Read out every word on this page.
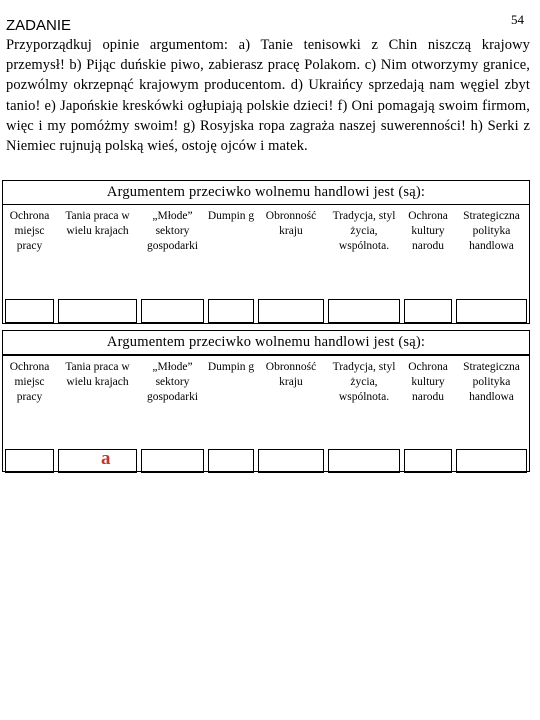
54
ZADANIE
Przyporządkuj opinie argumentom: a) Tanie tenisowki z Chin niszczą krajowy przemysł! b) Pijąc duńskie piwo, zabierasz pracę Polakom. c) Nim otworzymy granice, pozwólmy okrzepnąć krajowym producentom. d) Ukraińcy sprzedają nam węgiel zbyt tanio! e) Japońskie kreskówki ogłupiają polskie dzieci! f) Oni pomagają swoim firmom, więc i my pomóżmy swoim! g) Rosyjska ropa zagraża naszej suwerenności! h) Serki z Niemiec rujnują polską wieś, ostoję ojców i matek.
Argumentem przeciwko wolnemu handlowi jest (są):
Ochrona miejsc pracy
Tania praca w wielu krajach
„Młode” sektory gospodarki
Dumpin g	Obronność kraju
Tradycja, styl życia, wspólnota.
Ochrona kultury narodu
Strategiczna polityka handlowa
Argumentem przeciwko wolnemu handlowi jest (są):
Ochrona miejsc pracy
Tania praca w wielu krajach
„Młode” sektory gospodarki
Dumpin g	Obronność kraju
Tradycja, styl życia, wspólnota.
Ochrona kultury narodu
Strategiczna polityka handlowa
a
